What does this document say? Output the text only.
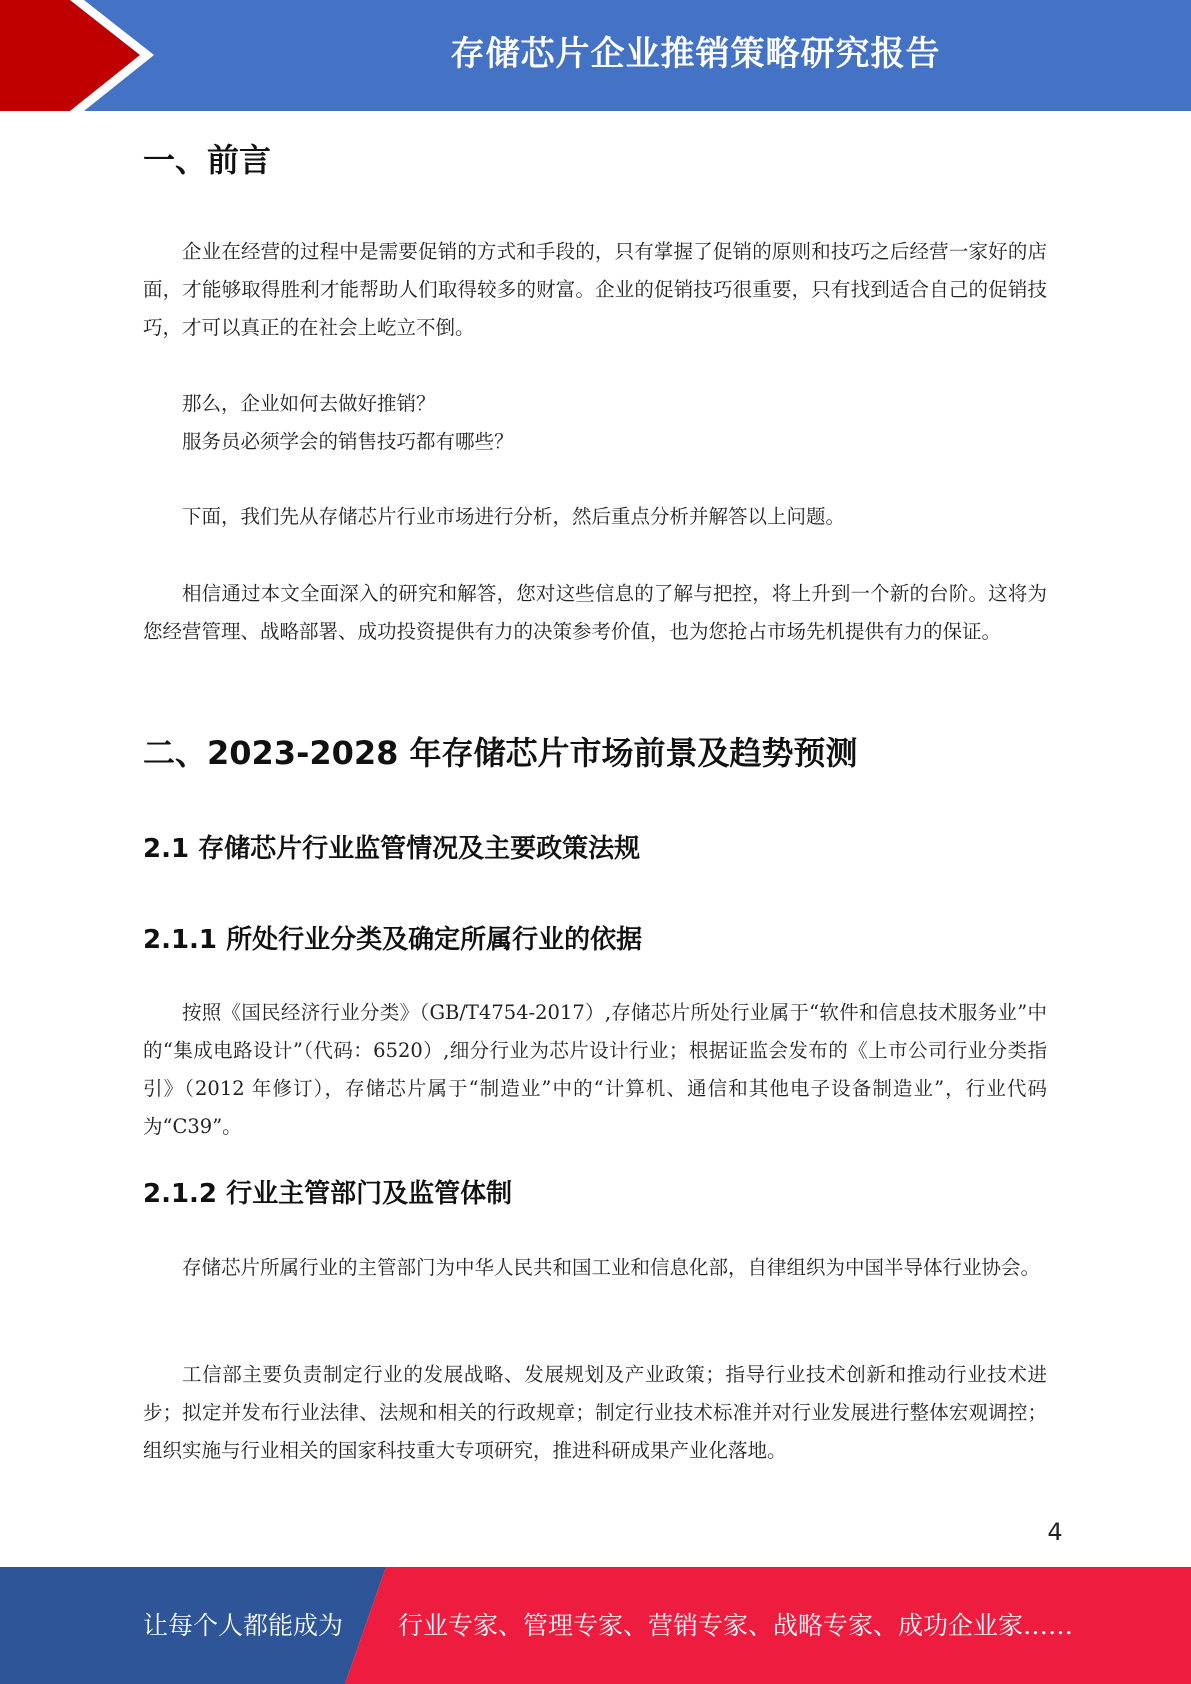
存储芯片企业推销策略研究报告
一、前言

企业在经营的过程中是需要促销的方式和手段的，只有掌握了促销的原则和技巧之后经营一家好的店面，才能够取得胜利才能帮助人们取得较多的财富。企业的促销技巧很重要，只有找到适合自己的促销技巧，才可以真正的在社会上屹立不倒。

那么，企业如何去做好推销？

服务员必须学会的销售技巧都有哪些？

下面，我们先从存储芯片行业市场进行分析，然后重点分析并解答以上问题。

相信通过本文全面深入的研究和解答，您对这些信息的了解与把控，将上升到一个新的台阶。这将为您经营管理、战略部署、成功投资提供有力的决策参考价值，也为您抢占市场先机提供有力的保证。

二、2023-2028 年存储芯片市场前景及趋势预测
2.1 存储芯片行业监管情况及主要政策法规
2.1.1 所处行业分类及确定所属行业的依据

按照《国民经济行业分类》（GB/T4754-2017）,存储芯片所处行业属于“软件和信息技术服务业”中的“集成电路设计”（代码：6520）,细分行业为芯片设计行业；根据证监会发布的《上市公司行业分类指引》（2012 年修订），存储芯片属于“制造业”中的“计算机、通信和其他电子设备制造业”，行业代码为“C39”。

2.1.2 行业主管部门及监管体制

存储芯片所属行业的主管部门为中华人民共和国工业和信息化部，自律组织为中国半导体行业协会。

工信部主要负责制定行业的发展战略、发展规划及产业政策；指导行业技术创新和推动行业技术进步；拟定并发布行业法律、法规和相关的行政规章；制定行业技术标准并对行业发展进行整体宏观调控；组织实施与行业相关的国家科技重大专项研究，推进科研成果产业化落地。

4
让每个人都能成为 行业专家、管理专家、营销专家、战略专家、成功企业家……
